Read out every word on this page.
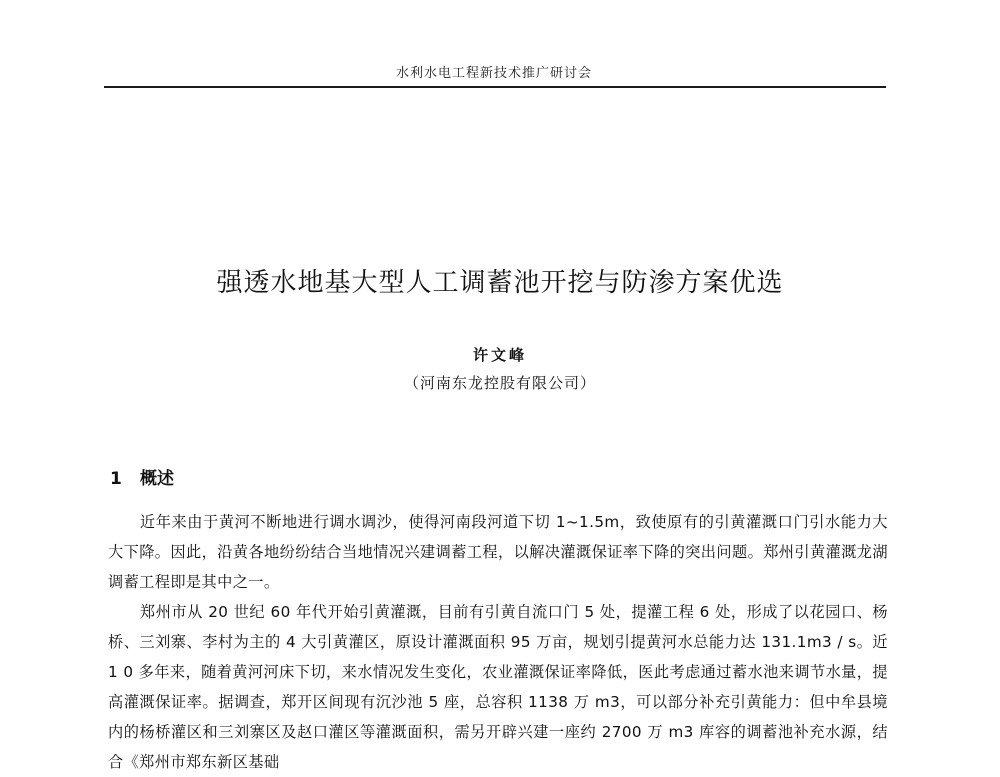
水利水电工程新技术推广研讨会
强透水地基大型人工调蓄池开挖与防渗方案优选
许文峰
（河南东龙控股有限公司）
1 概述

近年来由于黄河不断地进行调水调沙，使得河南段河道下切 1~1.5m，致使原有的引黄灌溉口门引水能力大大下降。因此，沿黄各地纷纷结合当地情况兴建调蓄工程，以解决灌溉保证率下降的突出问题。郑州引黄灌溉龙湖调蓄工程即是其中之一。

郑州市从 20 世纪 60 年代开始引黄灌溉，目前有引黄自流口门 5 处，提灌工程 6 处，形成了以花园口、杨桥、三刘寨、李村为主的 4 大引黄灌区，原设计灌溉面积 95 万亩，规划引提黄河水总能力达 131.1m3 / s。近 1 0 多年来，随着黄河河床下切，来水情况发生变化，农业灌溉保证率降低，医此考虑通过蓄水池来调节水量，提高灌溉保证率。据调查，郑开区间现有沉沙池 5 座，总容积 1138 万 m3，可以部分补充引黄能力：但中牟县境内的杨桥灌区和三刘寨区及赵口灌区等灌溉面积，需另开辟兴建一座约 2700 万 m3 库容的调蓄池补充水源，结合《郑州市郑东新区基础
